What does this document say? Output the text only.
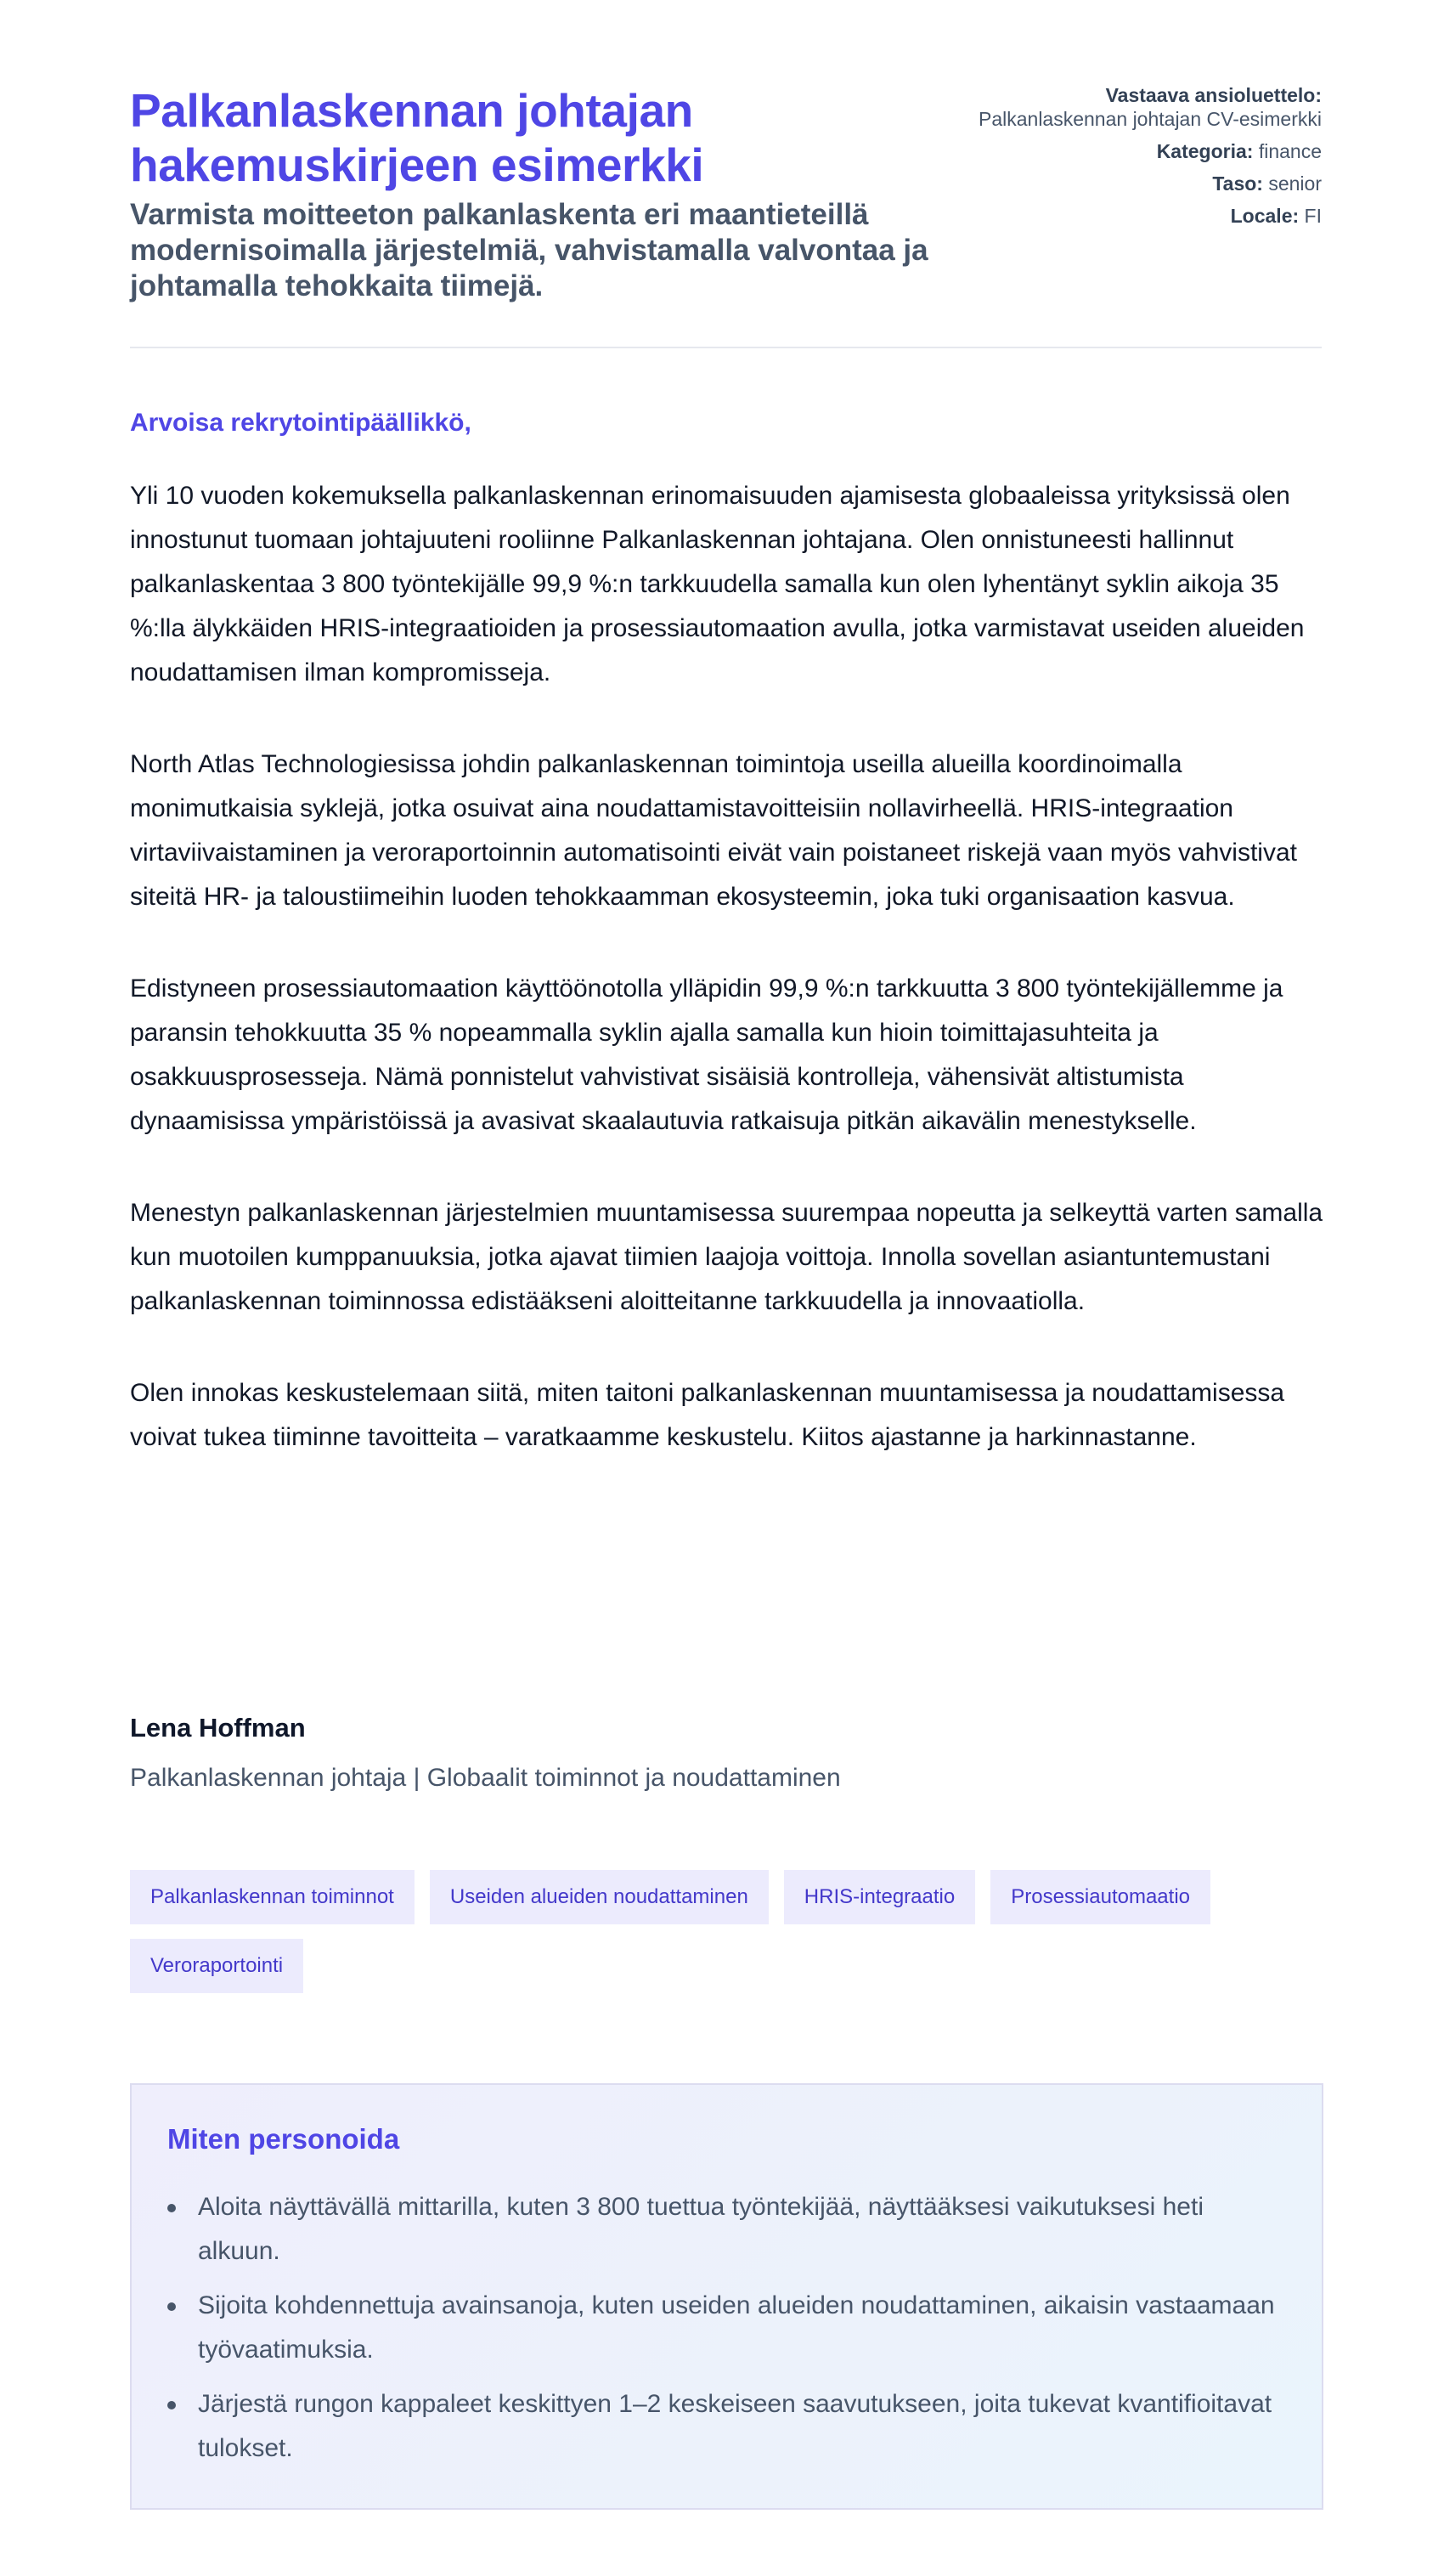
Palkanlaskennan johtajan hakemuskirjeen esimerkki

Varmista moitteeton palkanlaskenta eri maantieteillä modernisoimalla järjestelmiä, vahvistamalla valvontaa ja johtamalla tehokkaita tiimejä.

Vastaava ansioluettelo:
Palkanlaskennan johtajan CV-esimerkki
Kategoria: finance
Taso: senior
Locale: FI

Arvoisa rekrytointipäällikkö,

Yli 10 vuoden kokemuksella palkanlaskennan erinomaisuuden ajamisesta globaaleissa yrityksissä olen innostunut tuomaan johtajuuteni rooliinne Palkanlaskennan johtajana. Olen onnistuneesti hallinnut palkanlaskentaa 3 800 työntekijälle 99,9 %:n tarkkuudella samalla kun olen lyhentänyt syklin aikoja 35 %:lla älykkäiden HRIS-integraatioiden ja prosessiautomaation avulla, jotka varmistavat useiden alueiden noudattamisen ilman kompromisseja.

North Atlas Technologiesissa johdin palkanlaskennan toimintoja useilla alueilla koordinoimalla monimutkaisia syklejä, jotka osuivat aina noudattamistavoitteisiin nollavirheellä. HRIS-integraation virtaviivaistaminen ja veroraportoinnin automatisointi eivät vain poistaneet riskejä vaan myös vahvistivat siteitä HR- ja taloustiimeihin luoden tehokkaamman ekosysteemin, joka tuki organisaation kasvua.

Edistyneen prosessiautomaation käyttöönotolla ylläpidin 99,9 %:n tarkkuutta 3 800 työntekijällemme ja paransin tehokkuutta 35 % nopeammalla syklin ajalla samalla kun hioin toimittajasuhteita ja osakkuusprosesseja. Nämä ponnistelut vahvistivat sisäisiä kontrolleja, vähensivät altistumista dynaamisissa ympäristöissä ja avasivat skaalautuvia ratkaisuja pitkän aikavälin menestykselle.

Menestyn palkanlaskennan järjestelmien muuntamisessa suurempaa nopeutta ja selkeyttä varten samalla kun muotoilen kumppanuuksia, jotka ajavat tiimien laajoja voittoja. Innolla sovellan asiantuntemustani palkanlaskennan toiminnossa edistääkseni aloitteitanne tarkkuudella ja innovaatiolla.

Olen innokas keskustelemaan siitä, miten taitoni palkanlaskennan muuntamisessa ja noudattamisessa voivat tukea tiiminne tavoitteita – varatkaamme keskustelu. Kiitos ajastanne ja harkinnastanne.

Lena Hoffman

Palkanlaskennan johtaja | Globaalit toiminnot ja noudattaminen

Palkanlaskennan toiminnot	Useiden alueiden noudattaminen	HRIS-integraatio	Prosessiautomaatio
Veroraportointi
Miten personoida
Aloita näyttävällä mittarilla, kuten 3 800 tuettua työntekijää, näyttääksesi vaikutuksesi heti alkuun.
Sijoita kohdennettuja avainsanoja, kuten useiden alueiden noudattaminen, aikaisin vastaamaan työvaatimuksia.
Järjestä rungon kappaleet keskittyen 1–2 keskeiseen saavutukseen, joita tukevat kvantifioitavat tulokset.
